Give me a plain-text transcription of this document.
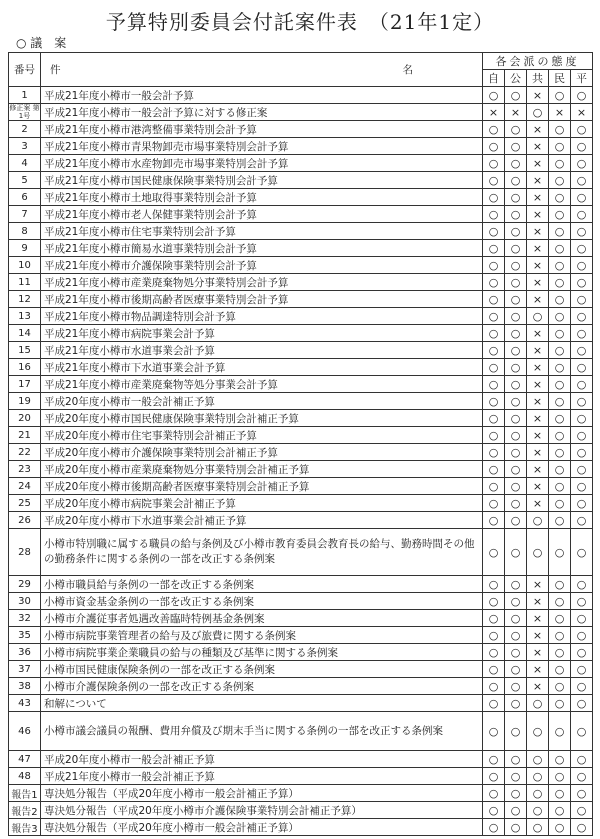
予算特別委員会付託案件表　（21年1定）
○ 議　案
番号	件　　　　名	各会派の態度				
		自	公	共	民	平
1	平成21年度小樽市一般会計予算	○	○	×	○	○
修正案 第1号	平成21年度小樽市一般会計予算に対する修正案	×	×	○	×	×
2	平成21年度小樽市港湾整備事業特別会計予算	○	○	×	○	○
3	平成21年度小樽市青果物卸売市場事業特別会計予算	○	○	×	○	○
4	平成21年度小樽市水産物卸売市場事業特別会計予算	○	○	×	○	○
5	平成21年度小樽市国民健康保険事業特別会計予算	○	○	×	○	○
6	平成21年度小樽市土地取得事業特別会計予算	○	○	×	○	○
7	平成21年度小樽市老人保健事業特別会計予算	○	○	×	○	○
8	平成21年度小樽市住宅事業特別会計予算	○	○	×	○	○
9	平成21年度小樽市簡易水道事業特別会計予算	○	○	×	○	○
10	平成21年度小樽市介護保険事業特別会計予算	○	○	×	○	○
11	平成21年度小樽市産業廃棄物処分事業特別会計予算	○	○	×	○	○
12	平成21年度小樽市後期高齢者医療事業特別会計予算	○	○	×	○	○
13	平成21年度小樽市物品調達特別会計予算	○	○	○	○	○
14	平成21年度小樽市病院事業会計予算	○	○	×	○	○
15	平成21年度小樽市水道事業会計予算	○	○	×	○	○
16	平成21年度小樽市下水道事業会計予算	○	○	×	○	○
17	平成21年度小樽市産業廃棄物等処分事業会計予算	○	○	×	○	○
19	平成20年度小樽市一般会計補正予算	○	○	×	○	○
20	平成20年度小樽市国民健康保険事業特別会計補正予算	○	○	×	○	○
21	平成20年度小樽市住宅事業特別会計補正予算	○	○	×	○	○
22	平成20年度小樽市介護保険事業特別会計補正予算	○	○	×	○	○
23	平成20年度小樽市産業廃棄物処分事業特別会計補正予算	○	○	×	○	○
24	平成20年度小樽市後期高齢者医療事業特別会計補正予算	○	○	×	○	○
25	平成20年度小樽市病院事業会計補正予算	○	○	×	○	○
26	平成20年度小樽市下水道事業会計補正予算	○	○	○	○	○
28	小樽市特別職に属する職員の給与条例及び小樽市教育委員会教育長の給与、勤務時間その他の勤務条件に関する条例の一部を改正する条例案	○	○	○	○	○
29	小樽市職員給与条例の一部を改正する条例案	○	○	×	○	○
30	小樽市資金基金条例の一部を改正する条例案	○	○	×	○	○
32	小樽市介護従事者処遇改善臨時特例基金条例案	○	○	×	○	○
35	小樽市病院事業管理者の給与及び旅費に関する条例案	○	○	×	○	○
36	小樽市病院事業企業職員の給与の種類及び基準に関する条例案	○	○	×	○	○
37	小樽市国民健康保険条例の一部を改正する条例案	○	○	×	○	○
38	小樽市介護保険条例の一部を改正する条例案	○	○	×	○	○
43	和解について	○	○	○	○	○
46	小樽市議会議員の報酬、費用弁償及び期末手当に関する条例の一部を改正する条例案	○	○	○	○	○
47	平成20年度小樽市一般会計補正予算	○	○	○	○	○
48	平成21年度小樽市一般会計補正予算	○	○	○	○	○
報告1	専決処分報告（平成20年度小樽市一般会計補正予算）	○	○	○	○	○
報告2	専決処分報告（平成20年度小樽市介護保険事業特別会計補正予算）	○	○	○	○	○
報告3	専決処分報告（平成20年度小樽市一般会計補正予算）	○	○	○	○	○
